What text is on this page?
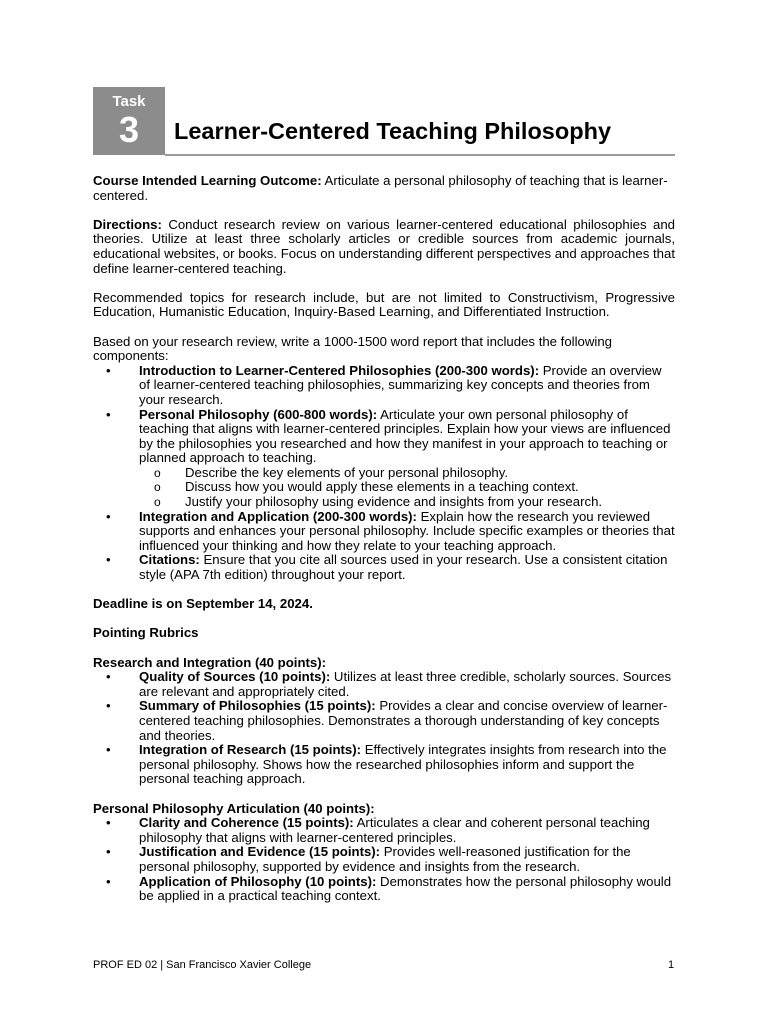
Task
3	Learner-Centered Teaching Philosophy

Course Intended Learning Outcome: Articulate a personal philosophy of teaching that is learner-centered.

Directions: Conduct research review on various learner-centered educational philosophies and theories. Utilize at least three scholarly articles or credible sources from academic journals, educational websites, or books. Focus on understanding different perspectives and approaches that define learner-centered teaching.

Recommended topics for research include, but are not limited to Constructivism, Progressive Education, Humanistic Education, Inquiry-Based Learning, and Differentiated Instruction.

Based on your research review, write a 1000-1500 word report that includes the following components:

• Introduction to Learner-Centered Philosophies (200-300 words): Provide an overview of learner-centered teaching philosophies, summarizing key concepts and theories from your research.
• Personal Philosophy (600-800 words): Articulate your own personal philosophy of teaching that aligns with learner-centered principles. Explain how your views are influenced by the philosophies you researched and how they manifest in your approach to teaching or planned approach to teaching.
o Describe the key elements of your personal philosophy.
o Discuss how you would apply these elements in a teaching context.
o Justify your philosophy using evidence and insights from your research.
• Integration and Application (200-300 words): Explain how the research you reviewed supports and enhances your personal philosophy. Include specific examples or theories that influenced your thinking and how they relate to your teaching approach.
• Citations: Ensure that you cite all sources used in your research. Use a consistent citation style (APA 7th edition) throughout your report.

Deadline is on September 14, 2024.

Pointing Rubrics

Research and Integration (40 points):

• Quality of Sources (10 points): Utilizes at least three credible, scholarly sources. Sources are relevant and appropriately cited.
• Summary of Philosophies (15 points): Provides a clear and concise overview of learner-centered teaching philosophies. Demonstrates a thorough understanding of key concepts and theories.
• Integration of Research (15 points): Effectively integrates insights from research into the personal philosophy. Shows how the researched philosophies inform and support the personal teaching approach.

Personal Philosophy Articulation (40 points):

• Clarity and Coherence (15 points): Articulates a clear and coherent personal teaching philosophy that aligns with learner-centered principles.
• Justification and Evidence (15 points): Provides well-reasoned justification for the personal philosophy, supported by evidence and insights from the research.
• Application of Philosophy (10 points): Demonstrates how the personal philosophy would be applied in a practical teaching context.
PROF ED 02 | San Francisco Xavier College	1
